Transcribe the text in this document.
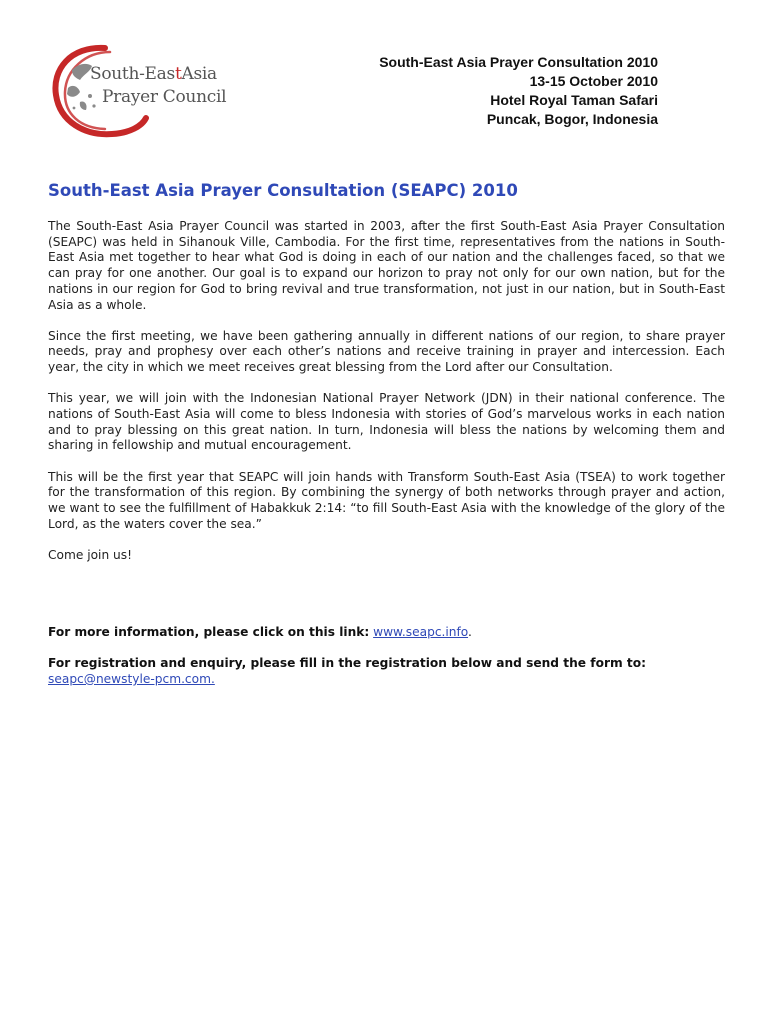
South-EastAsia
Prayer Council
South-East Asia Prayer Consultation 2010
13-15 October 2010
Hotel Royal Taman Safari
Puncak, Bogor, Indonesia
South-East Asia Prayer Consultation (SEAPC) 2010

The South-East Asia Prayer Council was started in 2003, after the first South-East Asia Prayer Consultation (SEAPC) was held in Sihanouk Ville, Cambodia. For the first time, representatives from the nations in South-East Asia met together to hear what God is doing in each of our nation and the challenges faced, so that we can pray for one another. Our goal is to expand our horizon to pray not only for our own nation, but for the nations in our region for God to bring revival and true transformation, not just in our nation, but in South-East Asia as a whole.

Since the first meeting, we have been gathering annually in different nations of our region, to share prayer needs, pray and prophesy over each other’s nations and receive training in prayer and intercession. Each year, the city in which we meet receives great blessing from the Lord after our Consultation.

This year, we will join with the Indonesian National Prayer Network (JDN) in their national conference. The nations of South-East Asia will come to bless Indonesia with stories of God’s marvelous works in each nation and to pray blessing on this great nation. In turn, Indonesia will bless the nations by welcoming them and sharing in fellowship and mutual encouragement.

This will be the first year that SEAPC will join hands with Transform South-East Asia (TSEA) to work together for the transformation of this region. By combining the synergy of both networks through prayer and action, we want to see the fulfillment of Habakkuk 2:14: “to fill South-East Asia with the knowledge of the glory of the Lord, as the waters cover the sea.”

Come join us!

For more information, please click on this link: www.seapc.info.
For registration and enquiry, please fill in the registration below and send the form to:
seapc@newstyle-pcm.com.
